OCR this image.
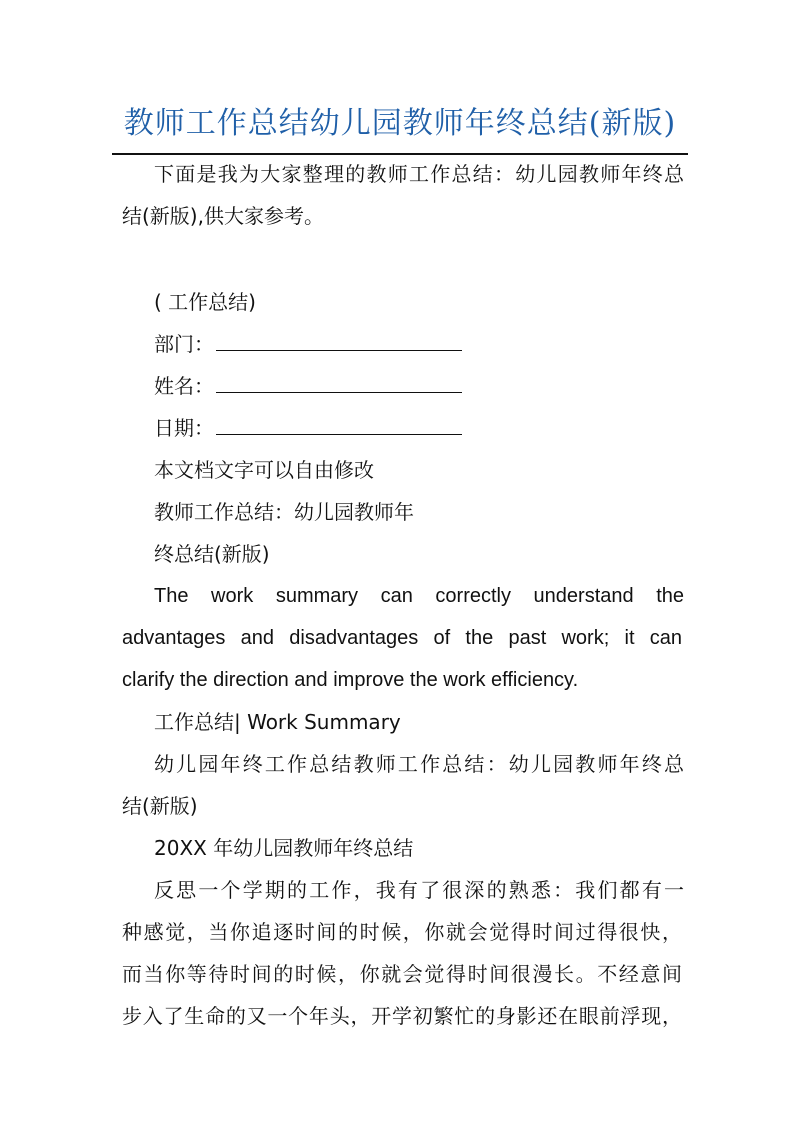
教师工作总结幼儿园教师年终总结(新版)
下面是我为大家整理的教师工作总结：幼儿园教师年终总
结(新版),供大家参考。
( 工作总结)
部门：
姓名：
日期：
本文档文字可以自由修改
教师工作总结：幼儿园教师年
终总结(新版)
The work summary can correctly understand the
advantages and disadvantages of the past work; it can
clarify the direction and improve the work efficiency.
工作总结| Work Summary
幼儿园年终工作总结教师工作总结：幼儿园教师年终总
结(新版)
20XX 年幼儿园教师年终总结
反思一个学期的工作，我有了很深的熟悉：我们都有一
种感觉，当你追逐时间的时候，你就会觉得时间过得很快，
而当你等待时间的时候，你就会觉得时间很漫长。不经意间
步入了生命的又一个年头，开学初繁忙的身影还在眼前浮现，
